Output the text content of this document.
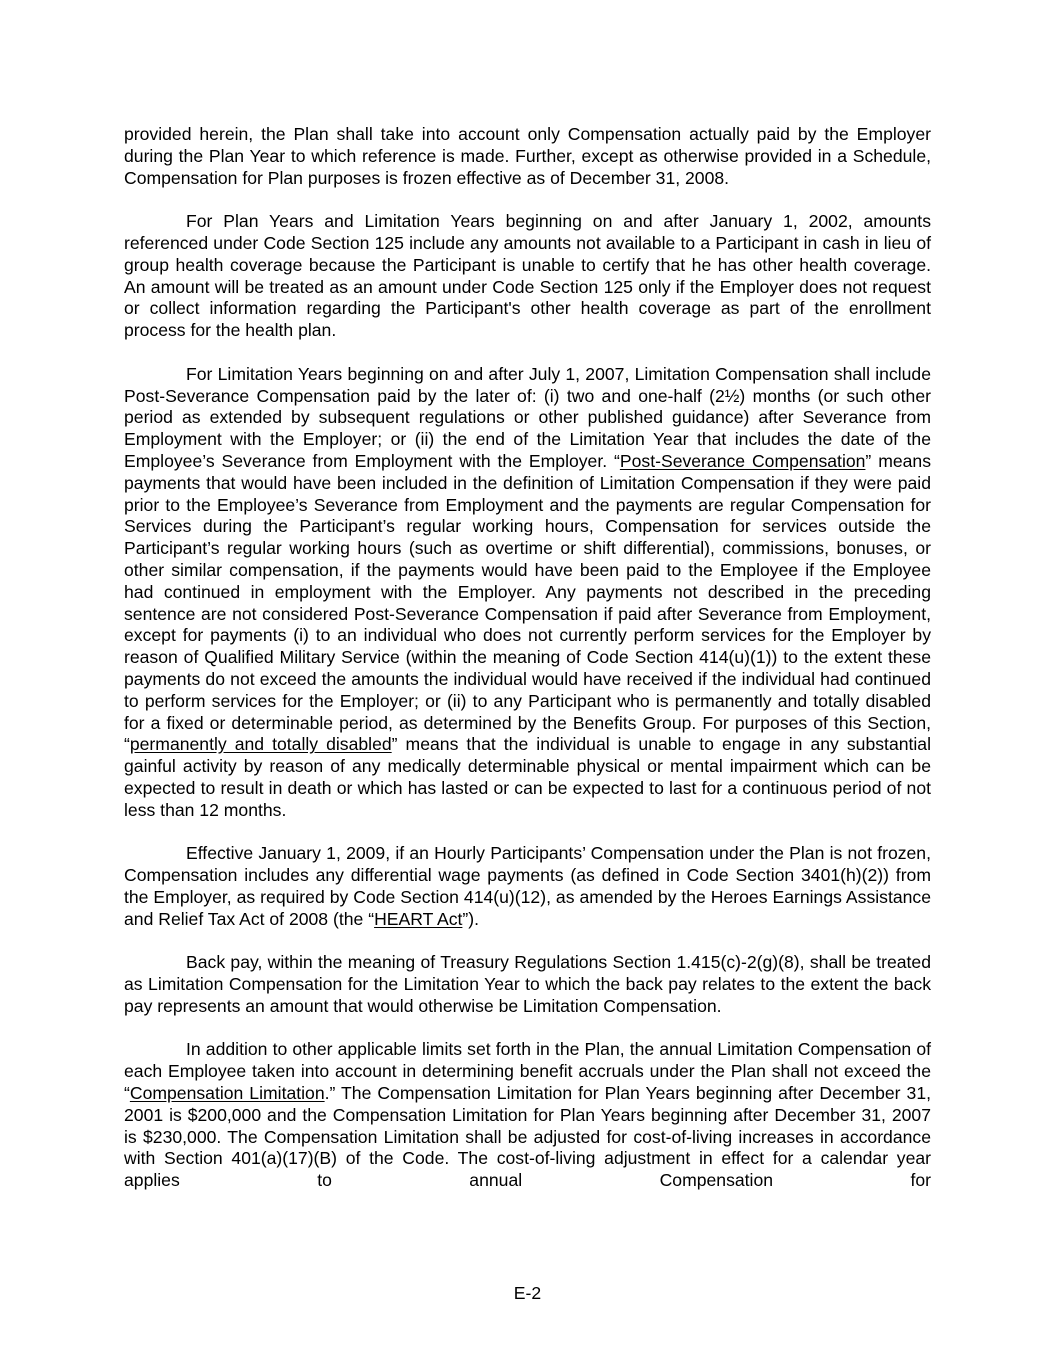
provided herein, the Plan shall take into account only Compensation actually paid by the Employer during the Plan Year to which reference is made. Further, except as otherwise provided in a Schedule, Compensation for Plan purposes is frozen effective as of December 31, 2008.

For Plan Years and Limitation Years beginning on and after January 1, 2002, amounts referenced under Code Section 125 include any amounts not available to a Participant in cash in lieu of group health coverage because the Participant is unable to certify that he has other health coverage. An amount will be treated as an amount under Code Section 125 only if the Employer does not request or collect information regarding the Participant's other health coverage as part of the enrollment process for the health plan.

For Limitation Years beginning on and after July 1, 2007, Limitation Compensation shall include Post-Severance Compensation paid by the later of: (i) two and one-half (2½) months (or such other period as extended by subsequent regulations or other published guidance) after Severance from Employment with the Employer; or (ii) the end of the Limitation Year that includes the date of the Employee’s Severance from Employment with the Employer. “Post-Severance Compensation” means payments that would have been included in the definition of Limitation Compensation if they were paid prior to the Employee’s Severance from Employment and the payments are regular Compensation for Services during the Participant’s regular working hours, Compensation for services outside the Participant’s regular working hours (such as overtime or shift differential), commissions, bonuses, or other similar compensation, if the payments would have been paid to the Employee if the Employee had continued in employment with the Employer. Any payments not described in the preceding sentence are not considered Post-Severance Compensation if paid after Severance from Employment, except for payments (i) to an individual who does not currently perform services for the Employer by reason of Qualified Military Service (within the meaning of Code Section 414(u)(1)) to the extent these payments do not exceed the amounts the individual would have received if the individual had continued to perform services for the Employer; or (ii) to any Participant who is permanently and totally disabled for a fixed or determinable period, as determined by the Benefits Group. For purposes of this Section, “permanently and totally disabled” means that the individual is unable to engage in any substantial gainful activity by reason of any medically determinable physical or mental impairment which can be expected to result in death or which has lasted or can be expected to last for a continuous period of not less than 12 months.

Effective January 1, 2009, if an Hourly Participants’ Compensation under the Plan is not frozen, Compensation includes any differential wage payments (as defined in Code Section 3401(h)(2)) from the Employer, as required by Code Section 414(u)(12), as amended by the Heroes Earnings Assistance and Relief Tax Act of 2008 (the “HEART Act”).

Back pay, within the meaning of Treasury Regulations Section 1.415(c)-2(g)(8), shall be treated as Limitation Compensation for the Limitation Year to which the back pay relates to the extent the back pay represents an amount that would otherwise be Limitation Compensation.

In addition to other applicable limits set forth in the Plan, the annual Limitation Compensation of each Employee taken into account in determining benefit accruals under the Plan shall not exceed the “Compensation Limitation.” The Compensation Limitation for Plan Years beginning after December 31, 2001 is $200,000 and the Compensation Limitation for Plan Years beginning after December 31, 2007 is $230,000. The Compensation Limitation shall be adjusted for cost-of-living increases in accordance with Section 401(a)(17)(B) of the Code. The cost-of-living adjustment in effect for a calendar year applies to annual Compensation for

E-2
